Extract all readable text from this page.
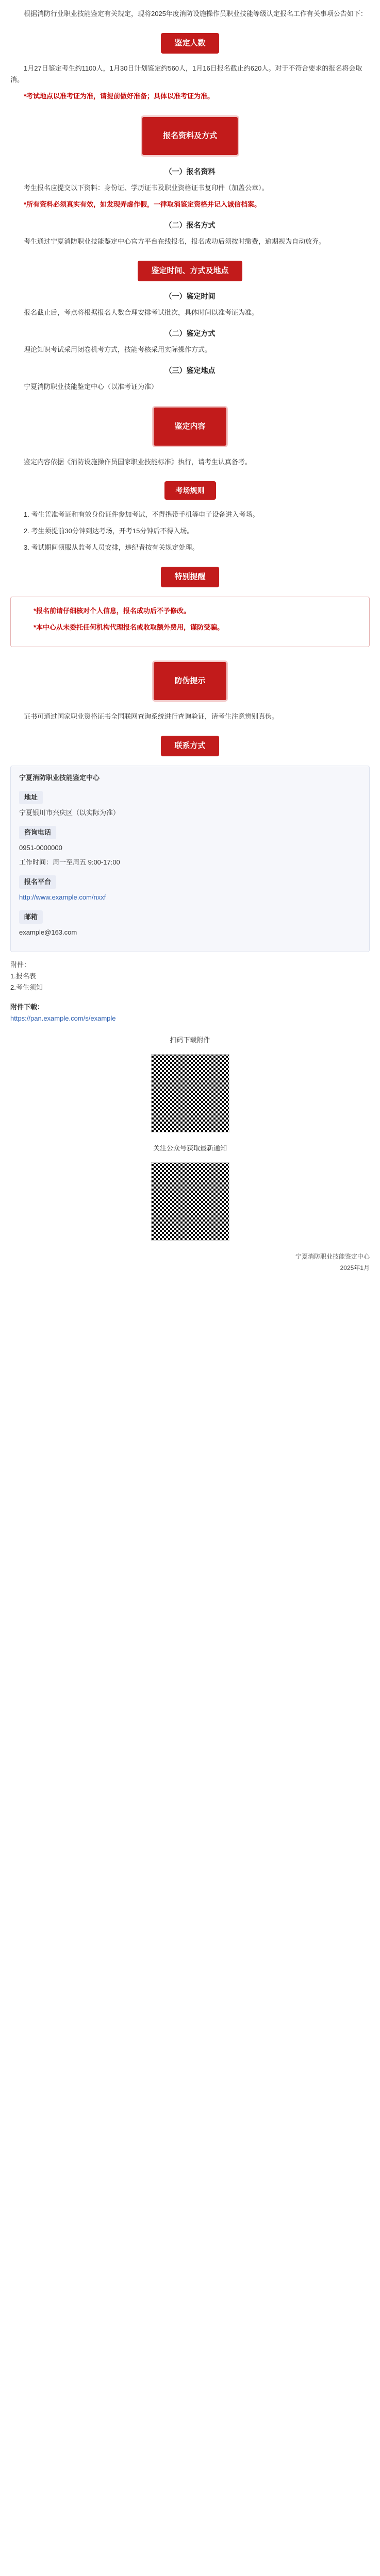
根据消防行业职业技能鉴定有关规定，现将2025年度消防设施操作员职业技能等级认定报名工作有关事项公告如下：

鉴定人数

1月27日鉴定考生约1100人，1月30日计划鉴定约560人，1月16日报名截止约620人。对于不符合要求的报名将会取消。

*考试地点以准考证为准，请提前做好准备；具体以准考证为准。

报名资料及方式
（一）报名资料

考生报名应提交以下资料：身份证、学历证书及职业资格证书复印件（加盖公章）。

*所有资料必须真实有效，如发现弄虚作假，一律取消鉴定资格并记入诚信档案。

（二）报名方式

考生通过宁夏消防职业技能鉴定中心官方平台在线报名，报名成功后须按时缴费，逾期视为自动放弃。

鉴定时间、方式及地点
（一）鉴定时间

报名截止后，考点将根据报名人数合理安排考试批次，具体时间以准考证为准。

（二）鉴定方式

理论知识考试采用闭卷机考方式，技能考核采用实际操作方式。

（三）鉴定地点

宁夏消防职业技能鉴定中心（以准考证为准）

鉴定内容

鉴定内容依据《消防设施操作员国家职业技能标准》执行，请考生认真备考。

考场规则

1. 考生凭准考证和有效身份证件参加考试，不得携带手机等电子设备进入考场。

2. 考生须提前30分钟到达考场，开考15分钟后不得入场。

3. 考试期间须服从监考人员安排，违纪者按有关规定处理。

特别提醒

*报名前请仔细核对个人信息，报名成功后不予修改。

*本中心从未委托任何机构代理报名或收取额外费用，谨防受骗。

防伪提示

证书可通过国家职业资格证书全国联网查询系统进行查询验证，请考生注意辨别真伪。

联系方式
宁夏消防职业技能鉴定中心
地址
宁夏银川市兴庆区（以实际为准）
咨询电话
0951-0000000
工作时间：周一至周五 9:00-17:00
报名平台
http://www.example.com/nxxf
邮箱
example@163.com
附件：
1.报名表
2.考生须知
附件下载：
https://pan.example.com/s/example
扫码下载附件
关注公众号获取最新通知
宁夏消防职业技能鉴定中心
2025年1月
